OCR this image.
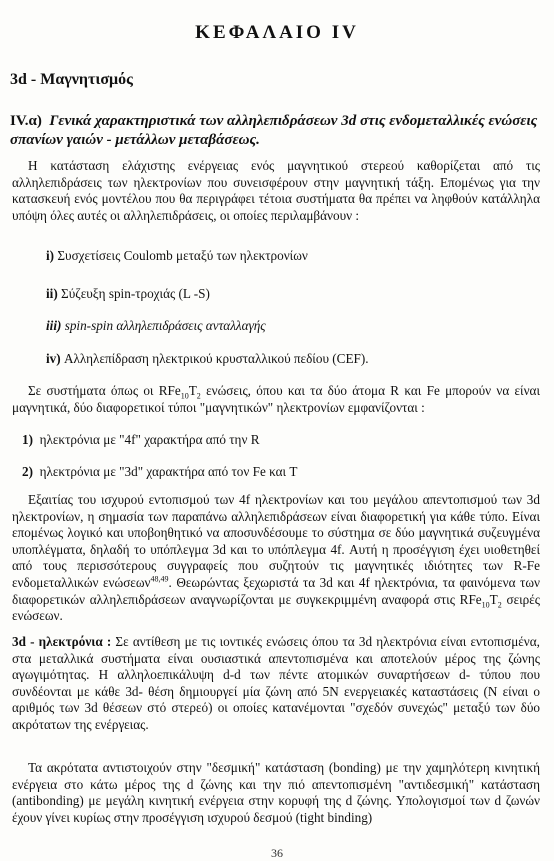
ΚΕΦΑΛΑΙΟ IV
3d - Μαγνητισμός
IV.α) Γενικά χαρακτηριστικά των αλληλεπιδράσεων 3d στις ενδομεταλλικές ενώσεις σπανίων γαιών - μετάλλων μεταβάσεως.
Η κατάσταση ελάχιστης ενέργειας ενός μαγνητικού στερεού καθορίζεται από τις αλληλεπιδράσεις των ηλεκτρονίων που συνεισφέρουν στην μαγνητική τάξη. Επομένως για την κατασκευή ενός μοντέλου που θα περιγράφει τέτοια συστήματα θα πρέπει να ληφθούν κατάλληλα υπόψη όλες αυτές οι αλληλεπιδράσεις, οι οποίες περιλαμβάνουν :
i) Συσχετίσεις Coulomb μεταξύ των ηλεκτρονίων
ii) Σύζευξη spin-τροχιάς (L -S)
iii) spin-spin αλληλεπιδράσεις ανταλλαγής
iv) Αλληλεπίδραση ηλεκτρικού κρυσταλλικού πεδίου (CEF).
Σε συστήματα όπως οι $RFe_{10}T_2$ ενώσεις, όπου και τα δύο άτομα R και Fe μπορούν να είναι μαγνητικά, δύο διαφορετικοί τύποι "μαγνητικών" ηλεκτρονίων εμφανίζονται :
1) ηλεκτρόνια με "4f" χαρακτήρα από την R
2) ηλεκτρόνια με "3d" χαρακτήρα από τον Fe και T
Εξαιτίας του ισχυρού εντοπισμού των 4f ηλεκτρονίων και του μεγάλου απεντοπισμού των 3d ηλεκτρονίων, η σημασία των παραπάνω αλληλεπιδράσεων είναι διαφορετική για κάθε τύπο. Είναι επομένως λογικό και υποβοηθητικό να αποσυνδέσουμε το σύστημα σε δύο μαγνητικά συζευγμένα υποπλέγματα, δηλαδή το υπόπλεγμα 3d και το υπόπλεγμα 4f. Αυτή η προσέγγιση έχει υιοθετηθεί από τους περισσότερους συγγραφείς που συζητούν τις μαγνητικές ιδιότητες των R-Fe ενδομεταλλικών ενώσεων$^{48,49}$. Θεωρώντας ξεχωριστά τα 3d και 4f ηλεκτρόνια, τα φαινόμενα των διαφορετικών αλληλεπιδράσεων αναγνωρίζονται με συγκεκριμμένη αναφορά στις $RFe_{10}T_2$ σειρές ενώσεων.
3d - ηλεκτρόνια : Σε αντίθεση με τις ιοντικές ενώσεις όπου τα 3d ηλεκτρόνια είναι εντοπισμένα, στα μεταλλικά συστήματα είναι ουσιαστικά απεντοπισμένα και αποτελούν μέρος της ζώνης αγωγιμότητας. Η αλληλοεπικάλυψη d-d των πέντε ατομικών συναρτήσεων d- τύπου που συνδέονται με κάθε 3d- θέση δημιουργεί μία ζώνη από 5N ενεργειακές καταστάσεις (N είναι ο αριθμός των 3d θέσεων στό στερεό) οι οποίες κατανέμονται "σχεδόν συνεχώς" μεταξύ των δύο ακρότατων της ενέργειας.
Τα ακρότατα αντιστοιχούν στην "δεσμική" κατάσταση (bonding) με την χαμηλότερη κινητική ενέργεια στο κάτω μέρος της d ζώνης και την πιό απεντοπισμένη "αντιδεσμική" κατάσταση (antibonding) με μεγάλη κινητική ενέργεια στην κορυφή της d ζώνης. Υπολογισμοί των d ζωνών έχουν γίνει κυρίως στην προσέγγιση ισχυρού δεσμού (tight binding)
36
